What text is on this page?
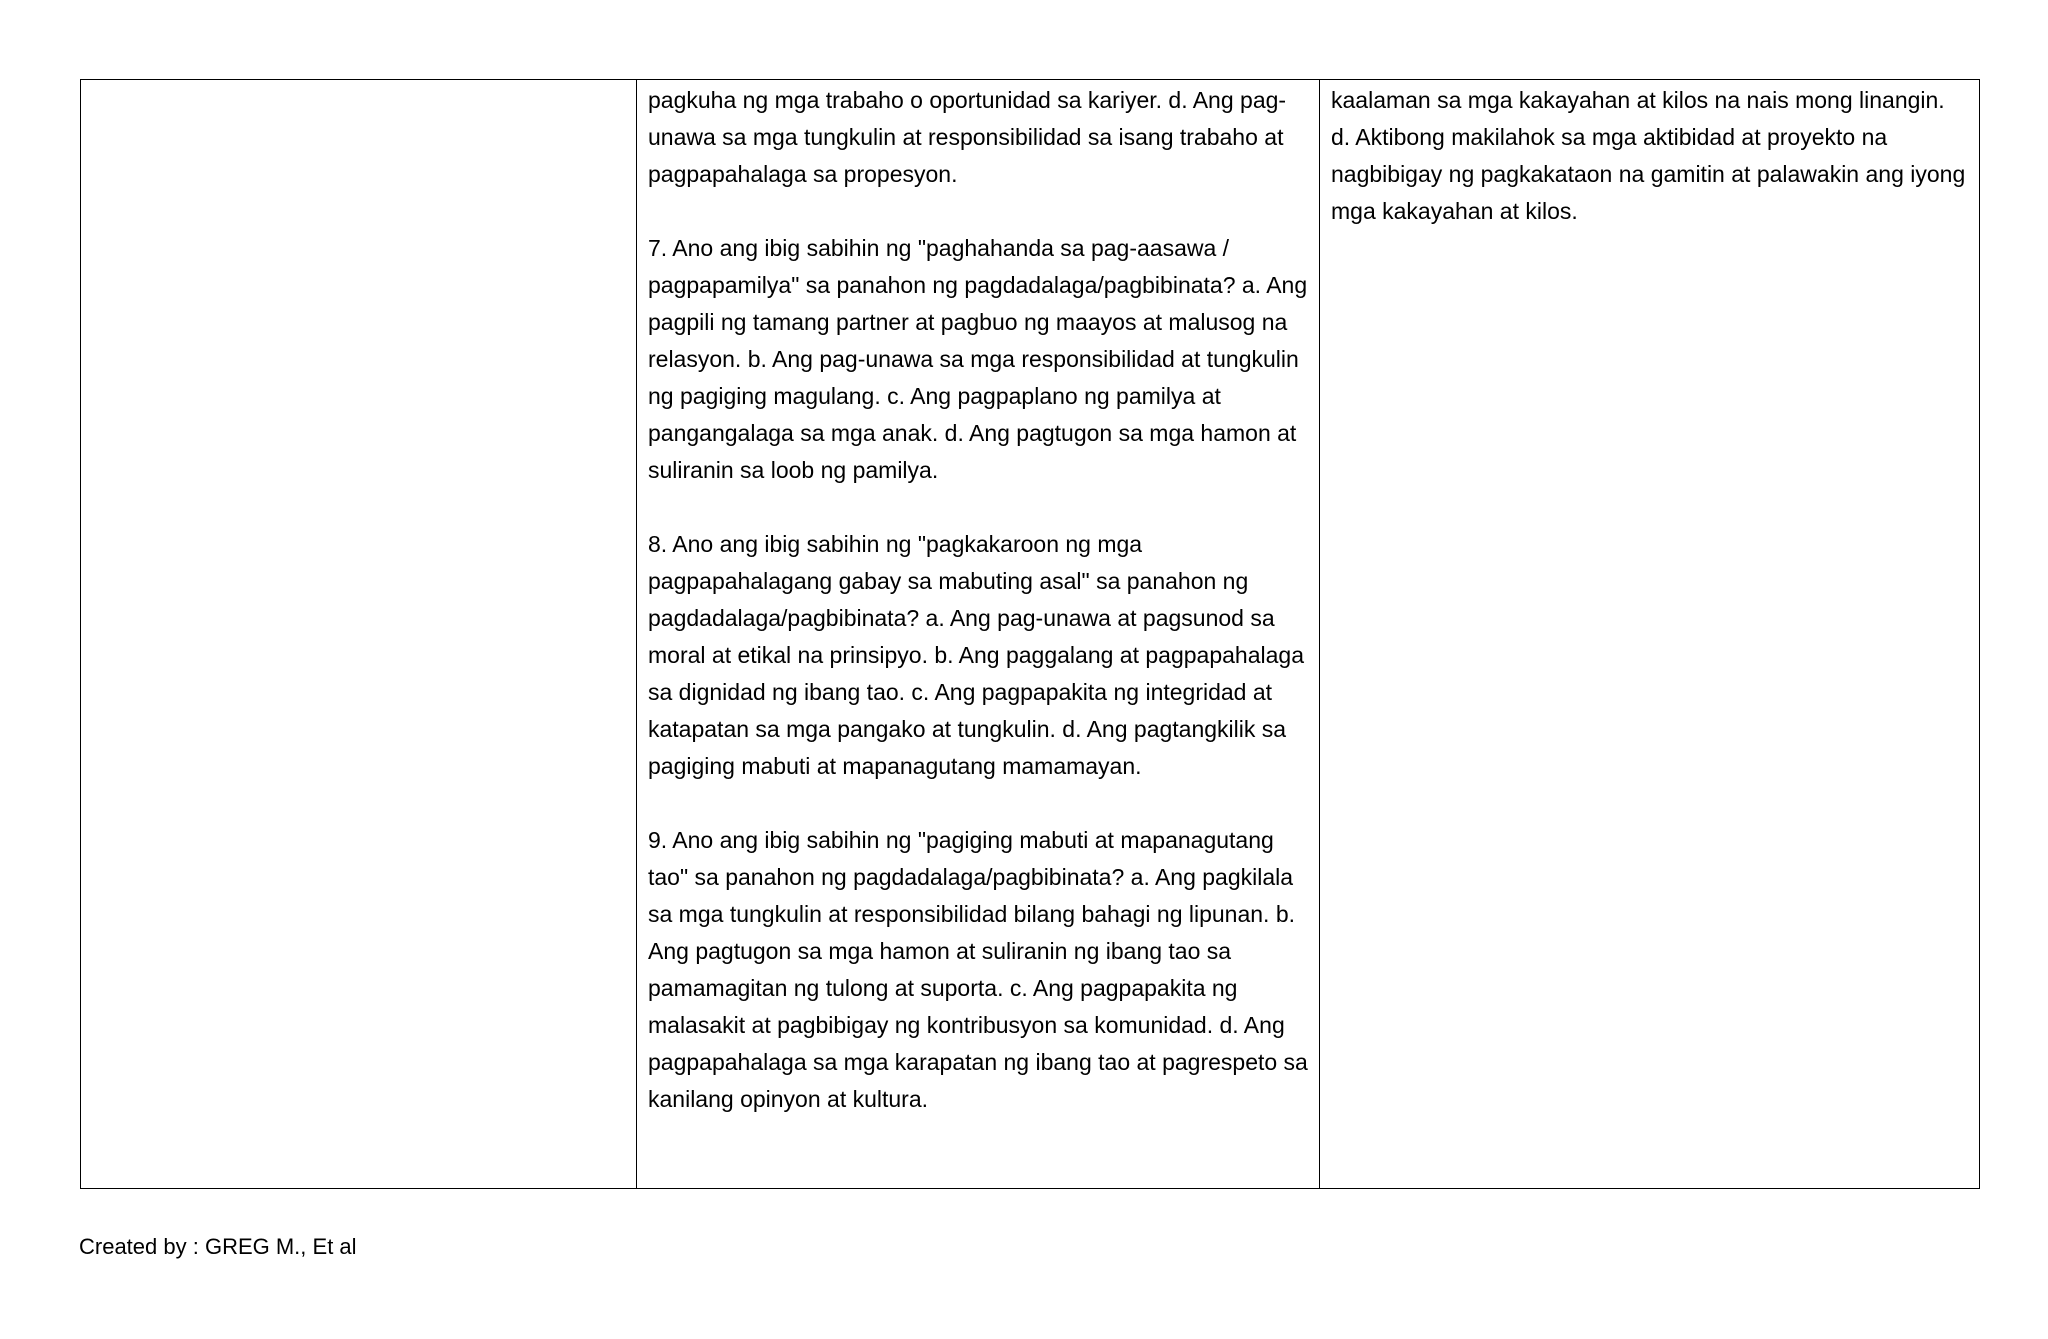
pagkuha ng mga trabaho o oportunidad sa kariyer. d. Ang pag-unawa sa mga tungkulin at responsibilidad sa isang trabaho at pagpapahalaga sa propesyon.

7. Ano ang ibig sabihin ng "paghahanda sa pag-aasawa / pagpapamilya" sa panahon ng pagdadalaga/pagbibinata? a. Ang pagpili ng tamang partner at pagbuo ng maayos at malusog na relasyon. b. Ang pag-unawa sa mga responsibilidad at tungkulin ng pagiging magulang. c. Ang pagpaplano ng pamilya at pangangalaga sa mga anak. d. Ang pagtugon sa mga hamon at suliranin sa loob ng pamilya.

8. Ano ang ibig sabihin ng "pagkakaroon ng mga pagpapahalagang gabay sa mabuting asal" sa panahon ng pagdadalaga/pagbibinata? a. Ang pag-unawa at pagsunod sa moral at etikal na prinsipyo. b. Ang paggalang at pagpapahalaga sa dignidad ng ibang tao. c. Ang pagpapakita ng integridad at katapatan sa mga pangako at tungkulin. d. Ang pagtangkilik sa pagiging mabuti at mapanagutang mamamayan.

9. Ano ang ibig sabihin ng "pagiging mabuti at mapanagutang tao" sa panahon ng pagdadalaga/pagbibinata? a. Ang pagkilala sa mga tungkulin at responsibilidad bilang bahagi ng lipunan. b. Ang pagtugon sa mga hamon at suliranin ng ibang tao sa pamamagitan ng tulong at suporta. c. Ang pagpapakita ng malasakit at pagbibigay ng kontribusyon sa komunidad. d. Ang pagpapahalaga sa mga karapatan ng ibang tao at pagrespeto sa kanilang opinyon at kultura.

kaalaman sa mga kakayahan at kilos na nais mong linangin. d. Aktibong makilahok sa mga aktibidad at proyekto na nagbibigay ng pagkakataon na gamitin at palawakin ang iyong mga kakayahan at kilos.

Created by : GREG M., Et al
